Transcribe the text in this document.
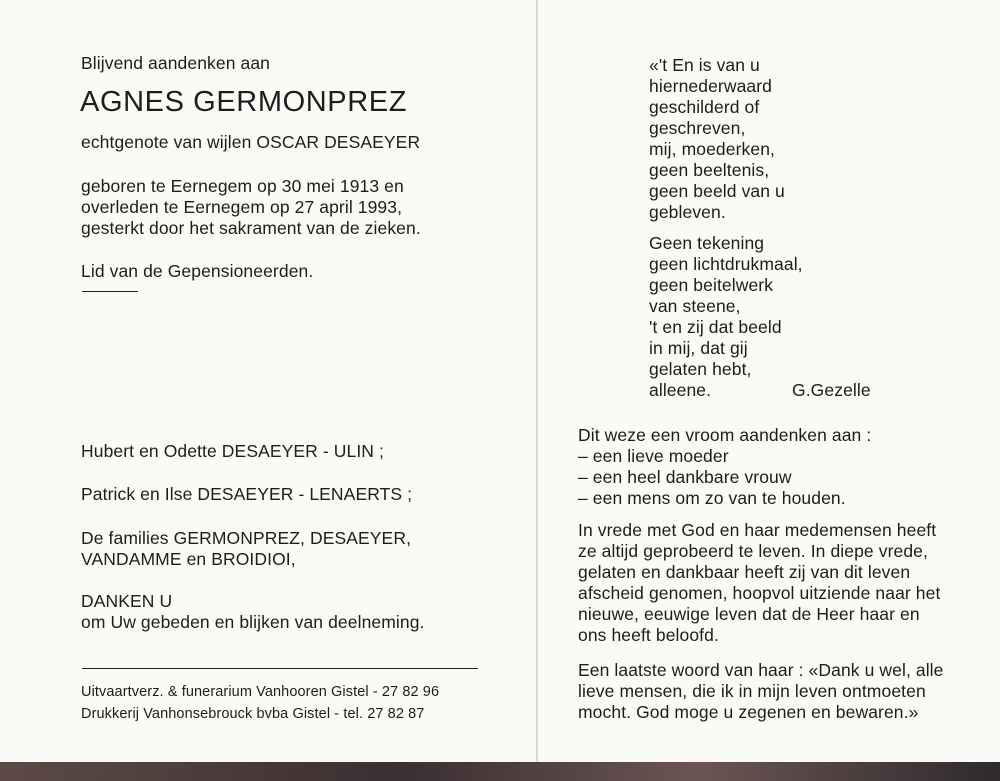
Blijvend aandenken aan
AGNES GERMONPREZ
echtgenote van wijlen OSCAR DESAEYER
geboren te Eernegem op 30 mei 1913 en
overleden te Eernegem op 27 april 1993,
gesterkt door het sakrament van de zieken.
Lid van de Gepensioneerden.
Hubert en Odette DESAEYER - ULIN ;
Patrick en Ilse DESAEYER - LENAERTS ;
De families GERMONPREZ, DESAEYER,
VANDAMME en BROIDIOI,
DANKEN U
om Uw gebeden en blijken van deelneming.
Uitvaartverz. & funerarium Vanhooren Gistel - 27 82 96
Drukkerij Vanhonsebrouck bvba Gistel - tel. 27 82 87
«'t En is van u
hiernederwaard
geschilderd of
geschreven,
mij, moederken,
geen beeltenis,
geen beeld van u
gebleven.
Geen tekening
geen lichtdrukmaal,
geen beitelwerk
van steene,
't en zij dat beeld
in mij, dat gij
gelaten hebt,
alleene.	G.Gezelle
Dit weze een vroom aandenken aan :
– een lieve moeder
– een heel dankbare vrouw
– een mens om zo van te houden.
In vrede met God en haar medemensen heeft
ze altijd geprobeerd te leven. In diepe vrede,
gelaten en dankbaar heeft zij van dit leven
afscheid genomen, hoopvol uitziende naar het
nieuwe, eeuwige leven dat de Heer haar en
ons heeft beloofd.
Een laatste woord van haar : «Dank u wel, alle
lieve mensen, die ik in mijn leven ontmoeten
mocht. God moge u zegenen en bewaren.»
